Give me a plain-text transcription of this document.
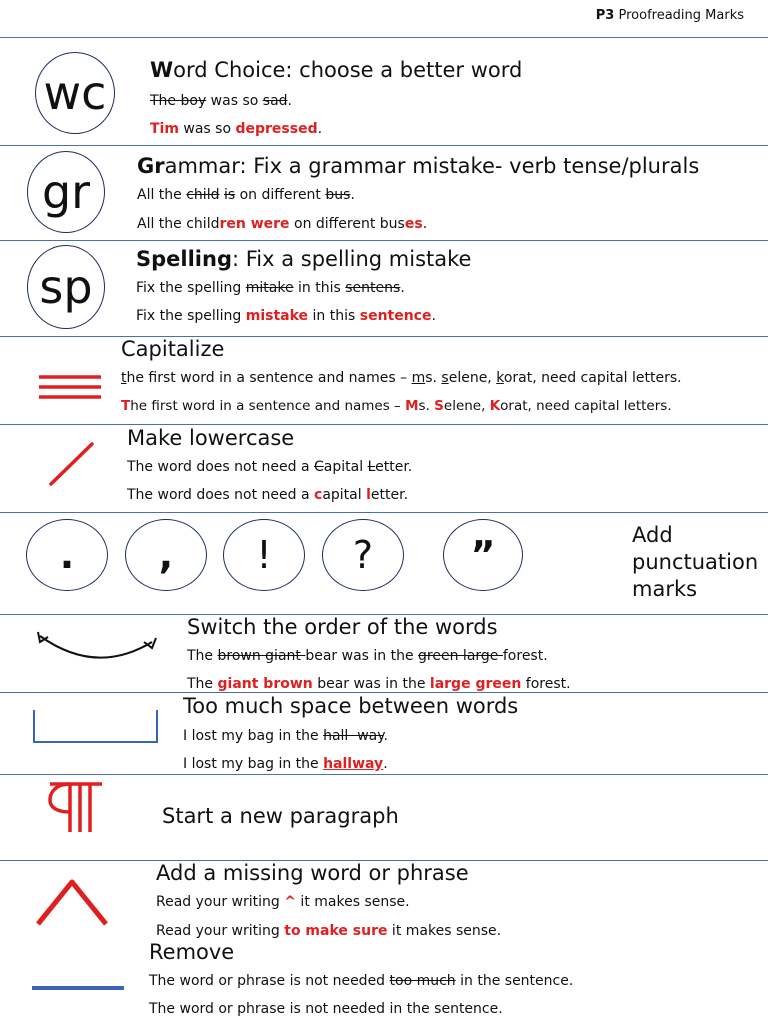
P3 Proofreading Marks
wc Word Choice: choose a better word
The boy was so sad.
Tim was so depressed.
gr Grammar: Fix a grammar mistake- verb tense/plurals
All the child is on different bus.
All the children were on different buses.
sp
Spelling: Fix a spelling mistake
Fix the spelling mitake in this sentens.
Fix the spelling mistake in this sentence.
Capitalize
the first word in a sentence and names – ms. selene, korat, need capital letters.
The first word in a sentence and names – Ms. Selene, Korat, need capital letters.
Make lowercase
The word does not need a Capital Letter.
The word does not need a capital letter.
. , ! ?	”	Add
punctuation
marks
Switch the order of the words
The brown giant bear was in the green large forest.
The giant brown bear was in the large green forest.
Too much space between words
I lost my bag in the hall  way.
I lost my bag in the hallway.
Start a new paragraph
Add a missing word or phrase
Read your writing ^ it makes sense.
Read your writing to make sure it makes sense.
Remove
The word or phrase is not needed too much in the sentence.
The word or phrase is not needed in the sentence.
